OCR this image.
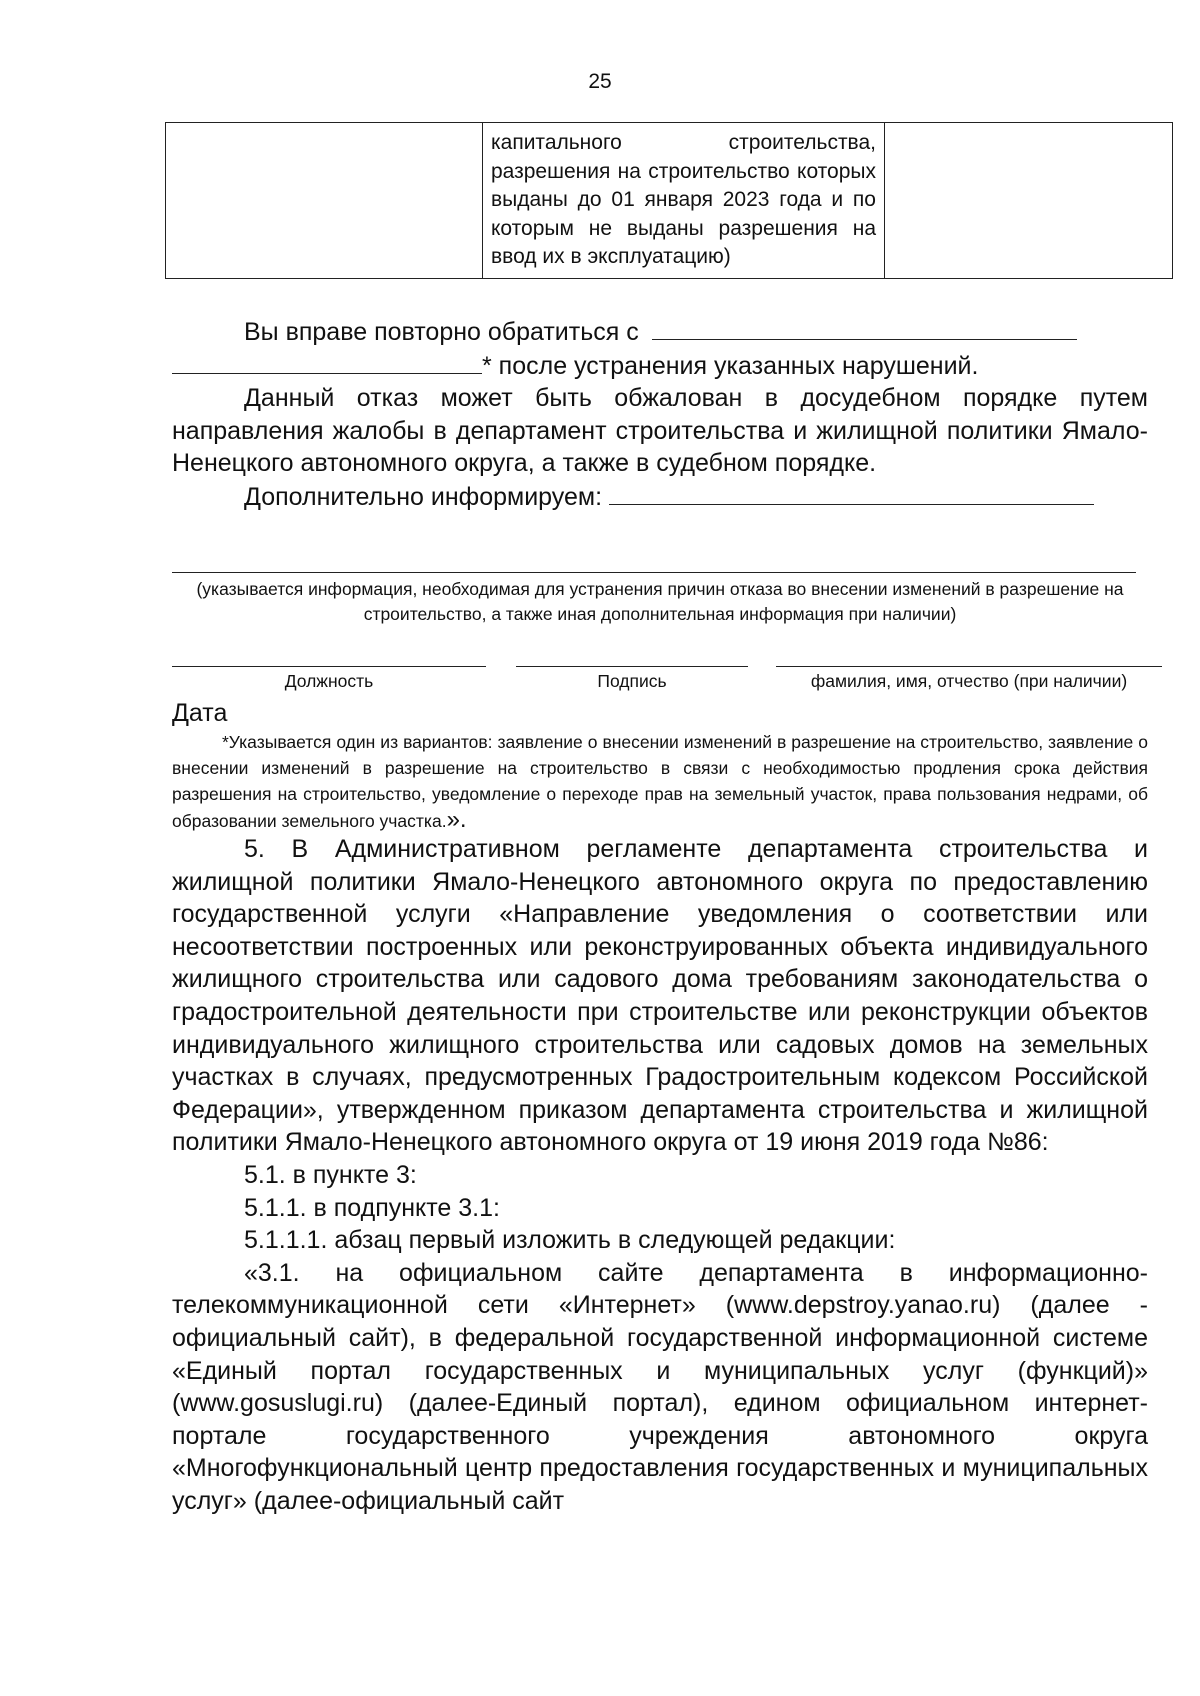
25
	капитального строительства, разрешения на строительство которых выданы до 01 января 2023 года и по которым не выданы разрешения на ввод их в эксплуатацию)	

Вы вправе повторно обратиться с

* после устранения указанных нарушений.

Данный отказ может быть обжалован в досудебном порядке путем направления жалобы в департамент строительства и жилищной политики Ямало-Ненецкого автономного округа, а также в судебном порядке.

Дополнительно информируем:

(указывается информация, необходимая для устранения причин отказа во внесении изменений в разрешение на строительство, а также иная дополнительная информация при наличии)
Должность	Подпись	фамилия, имя, отчество (при наличии)
Дата

*Указывается один из вариантов: заявление о внесении изменений в разрешение на строительство, заявление о внесении изменений в разрешение на строительство в связи с необходимостью продления срока действия разрешения на строительство, уведомление о переходе прав на земельный участок, права пользования недрами, об образовании земельного участка.».

5. В Административном регламенте департамента строительства и жилищной политики Ямало-Ненецкого автономного округа по предоставлению государственной услуги «Направление уведомления о соответствии или несоответствии построенных или реконструированных объекта индивидуального жилищного строительства или садового дома требованиям законодательства о градостроительной деятельности при строительстве или реконструкции объектов индивидуального жилищного строительства или садовых домов на земельных участках в случаях, предусмотренных Градостроительным кодексом Российской Федерации», утвержденном приказом департамента строительства и жилищной политики Ямало-Ненецкого автономного округа от 19 июня 2019 года №86:

5.1. в пункте 3:

5.1.1. в подпункте 3.1:

5.1.1.1. абзац первый изложить в следующей редакции:

«3.1. на официальном сайте департамента в информационно-телекоммуникационной сети «Интернет» (www.depstroy.yanao.ru) (далее - официальный сайт), в федеральной государственной информационной системе «Единый портал государственных и муниципальных услуг (функций)» (www.gosuslugi.ru) (далее-Единый портал), едином официальном интернет-портале государственного учреждения автономного округа «Многофункциональный центр предоставления государственных и муниципальных услуг» (далее-официальный сайт
